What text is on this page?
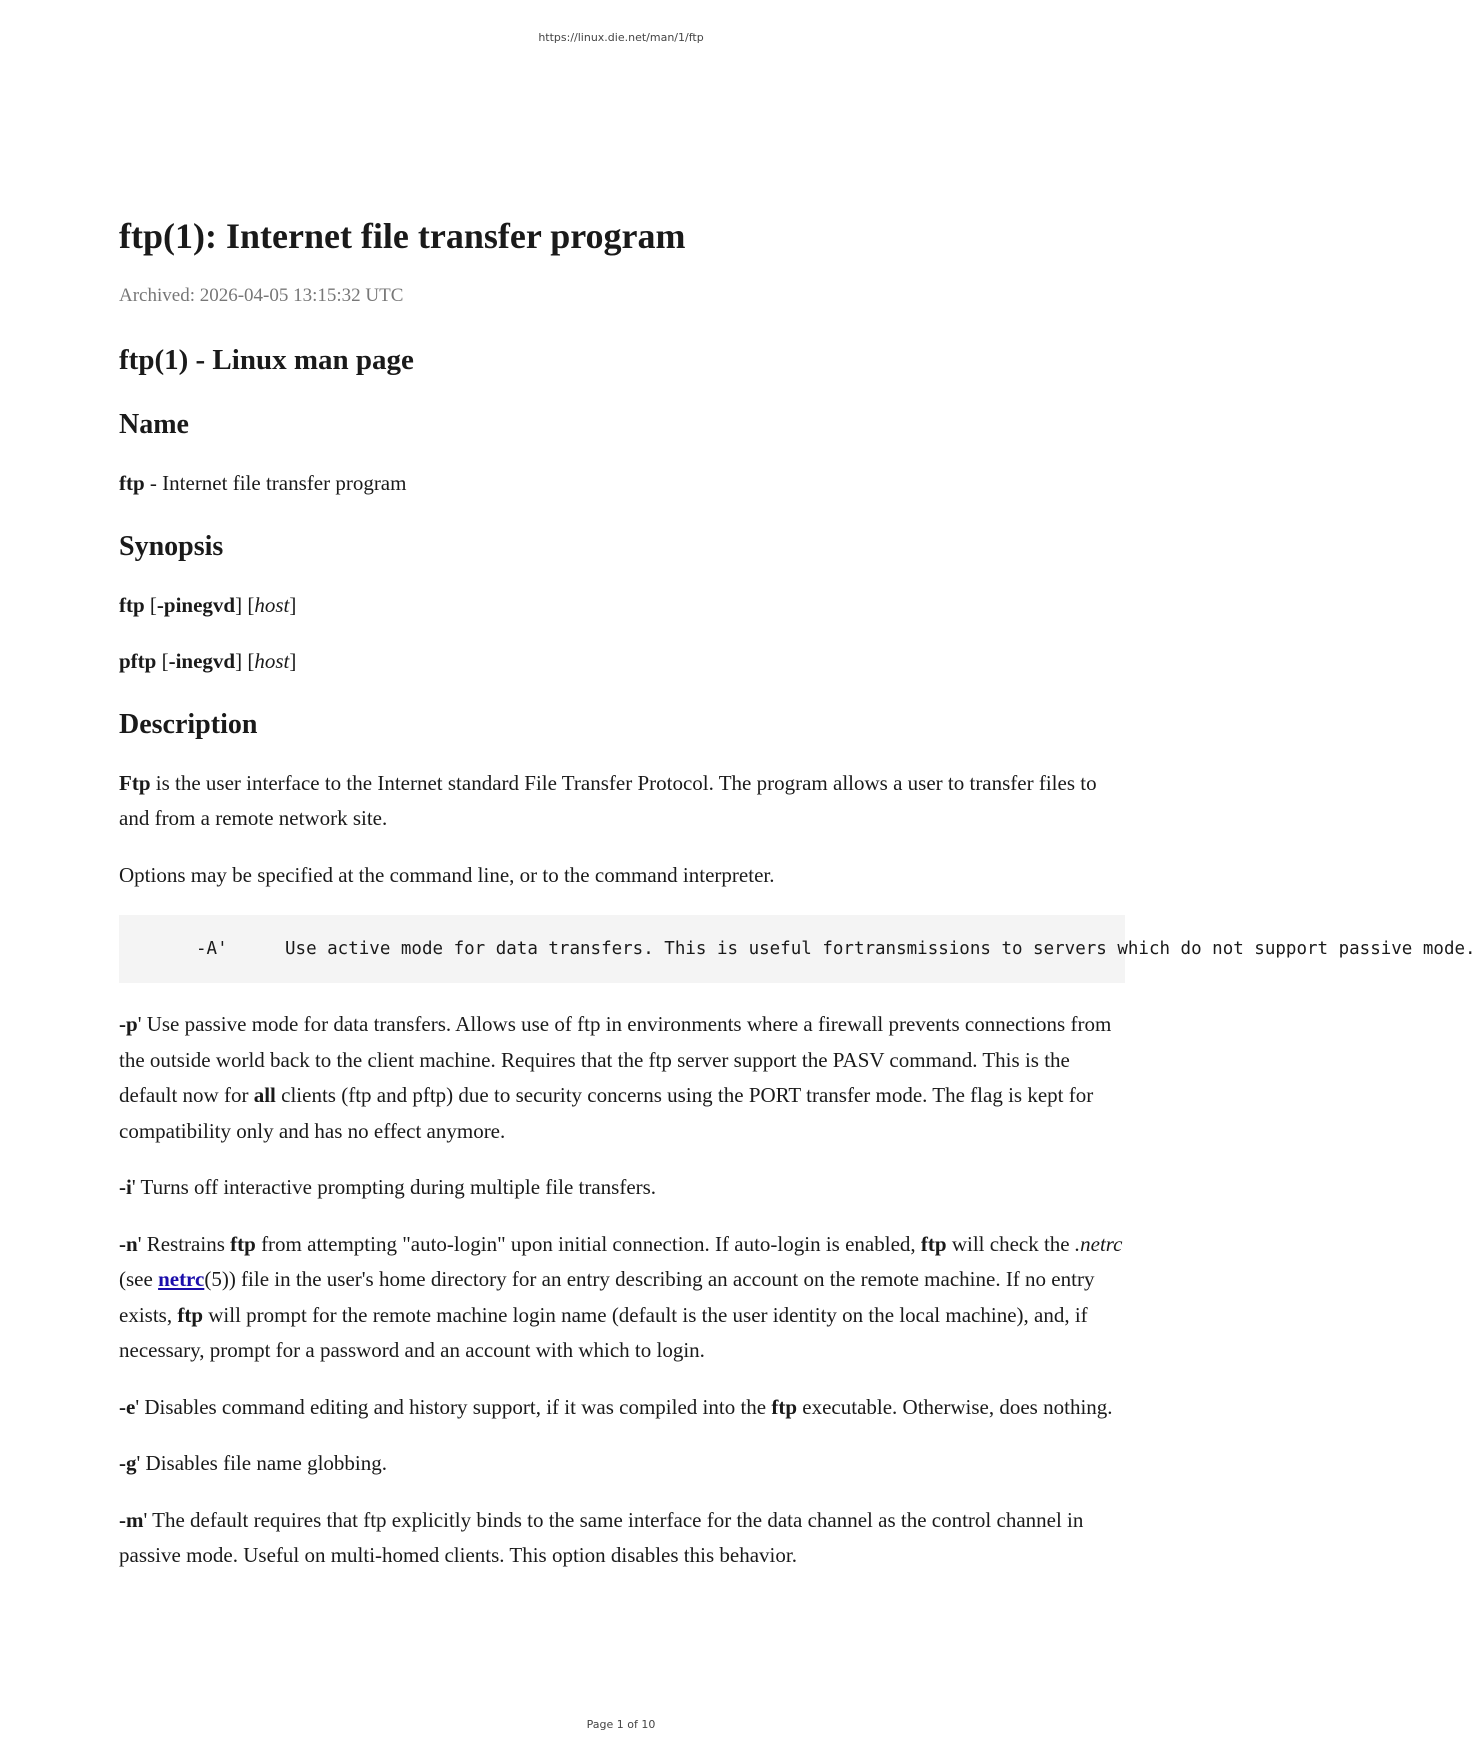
https://linux.die.net/man/1/ftp
ftp(1): Internet file transfer program
Archived: 2026-04-05 13:15:32 UTC
ftp(1) - Linux man page
Name

ftp - Internet file transfer program

Synopsis

ftp [-pinegvd] [host]

pftp [-inegvd] [host]

Description

Ftp is the user interface to the Internet standard File Transfer Protocol. The program allows a user to transfer files to and from a remote network site.

Options may be specified at the command line, or to the command interpreter.

-A'	Use active mode for data transfers. This is useful fortransmissions to servers which do not support passive mode.

-p' Use passive mode for data transfers. Allows use of ftp in environments where a firewall prevents connections from the outside world back to the client machine. Requires that the ftp server support the PASV command. This is the default now for all clients (ftp and pftp) due to security concerns using the PORT transfer mode. The flag is kept for compatibility only and has no effect anymore.

-i' Turns off interactive prompting during multiple file transfers.

-n' Restrains ftp from attempting "auto-login" upon initial connection. If auto-login is enabled, ftp will check the .netrc (see netrc(5)) file in the user's home directory for an entry describing an account on the remote machine. If no entry exists, ftp will prompt for the remote machine login name (default is the user identity on the local machine), and, if necessary, prompt for a password and an account with which to login.

-e' Disables command editing and history support, if it was compiled into the ftp executable. Otherwise, does nothing.

-g' Disables file name globbing.

-m' The default requires that ftp explicitly binds to the same interface for the data channel as the control channel in passive mode. Useful on multi-homed clients. This option disables this behavior.

Page 1 of 10
